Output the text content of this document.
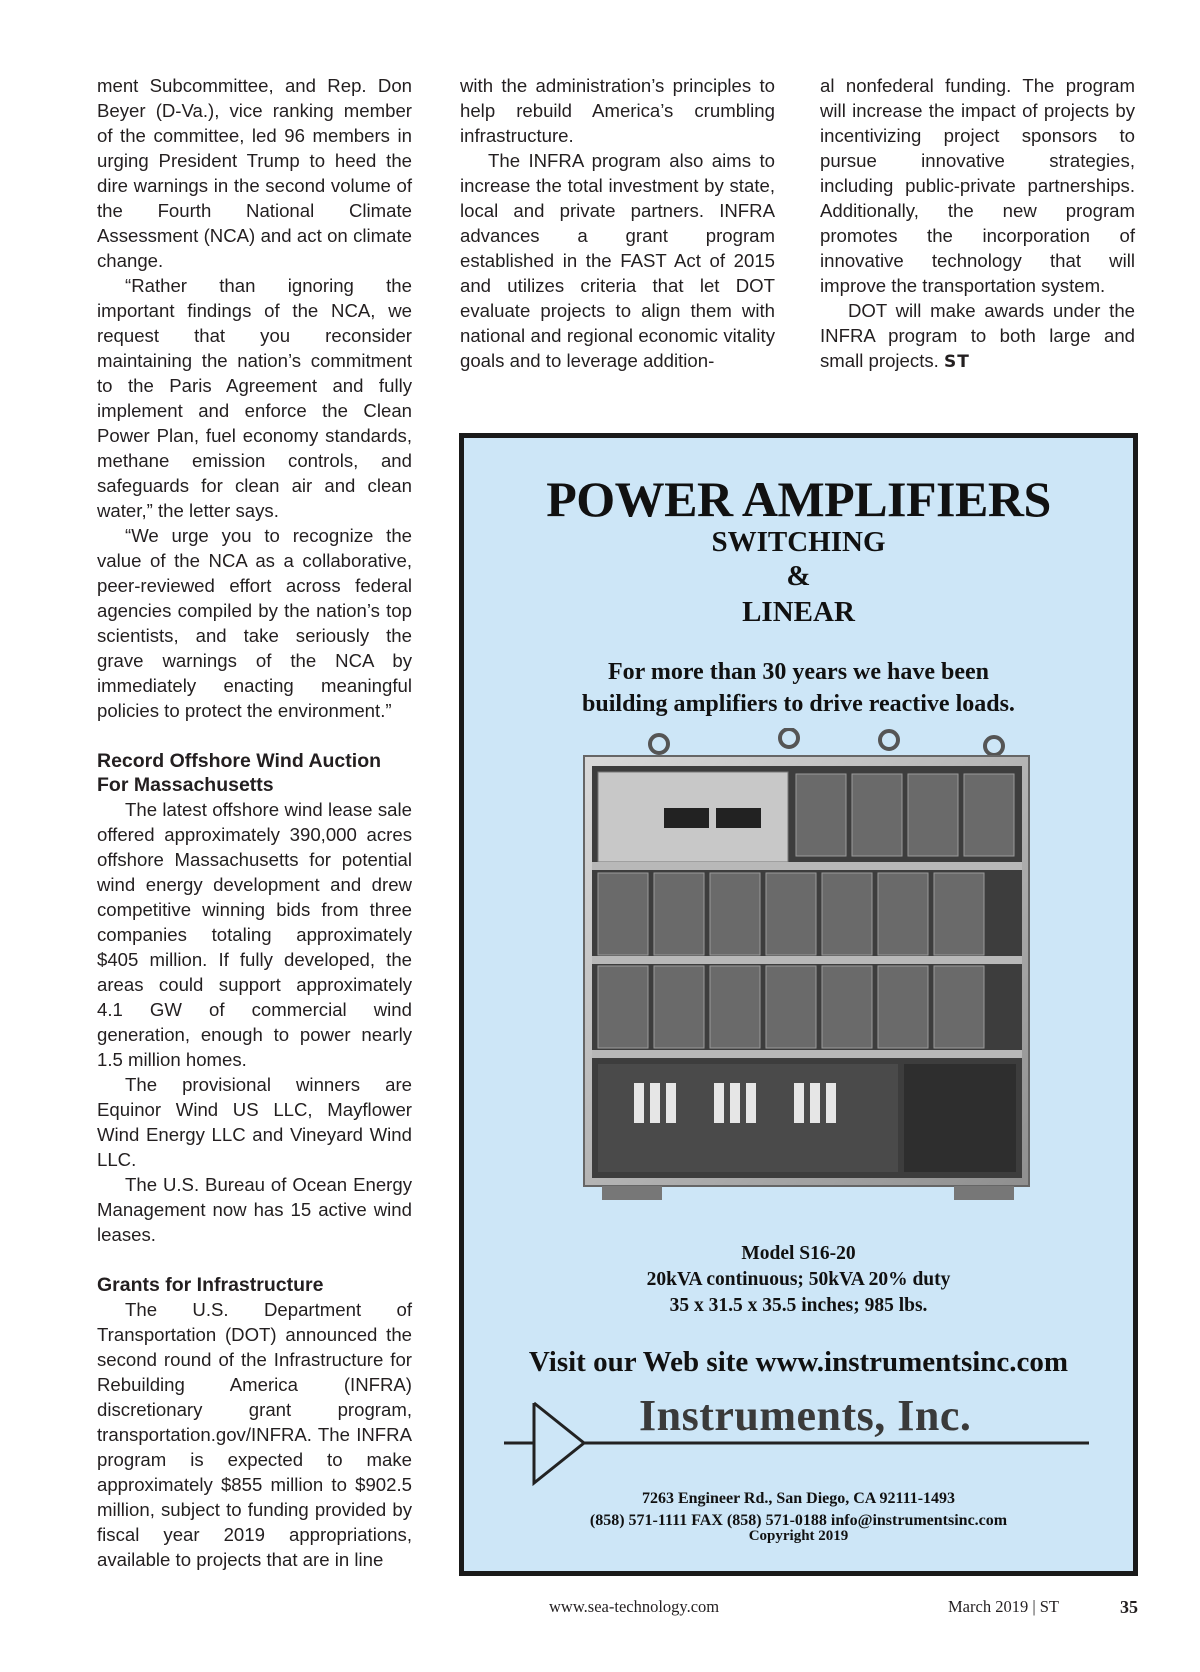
ment Subcommittee, and Rep. Don Beyer (D-Va.), vice ranking member of the committee, led 96 members in urging President Trump to heed the dire warnings in the second volume of the Fourth National Climate Assessment (NCA) and act on climate change.

“Rather than ignoring the important findings of the NCA, we request that you reconsider maintaining the nation’s commitment to the Paris Agreement and fully implement and enforce the Clean Power Plan, fuel economy standards, methane emission controls, and safeguards for clean air and clean water,” the letter says.

“We urge you to recognize the value of the NCA as a collaborative, peer-reviewed effort across federal agencies compiled by the nation’s top scientists, and take seriously the grave warnings of the NCA by immediately enacting meaningful policies to protect the environment.”

Record Offshore Wind Auction For Massachusetts

The latest offshore wind lease sale offered approximately 390,000 acres offshore Massachusetts for potential wind energy development and drew competitive winning bids from three companies totaling approximately $405 million. If fully developed, the areas could support approximately 4.1 GW of commercial wind generation, enough to power nearly 1.5 million homes.

The provisional winners are Equinor Wind US LLC, Mayflower Wind Energy LLC and Vineyard Wind LLC.

The U.S. Bureau of Ocean Energy Management now has 15 active wind leases.

Grants for Infrastructure

The U.S. Department of Transportation (DOT) announced the second round of the Infrastructure for Rebuilding America (INFRA) discretionary grant program, transportation.gov/INFRA. The INFRA program is expected to make approximately $855 million to $902.5 million, subject to funding provided by fiscal year 2019 appropriations, available to projects that are in line

with the administration’s principles to help rebuild America’s crumbling infrastructure.

The INFRA program also aims to increase the total investment by state, local and private partners. INFRA advances a grant program established in the FAST Act of 2015 and utilizes criteria that let DOT evaluate projects to align them with national and regional economic vitality goals and to leverage addition-

al nonfederal funding. The program will increase the impact of projects by incentivizing project sponsors to pursue innovative strategies, including public-private partnerships. Additionally, the new program promotes the incorporation of innovative technology that will improve the transportation system.

DOT will make awards under the INFRA program to both large and small projects. ST

POWER AMPLIFIERS
SWITCHING
&
LINEAR
For more than 30 years we have been
building amplifiers to drive reactive loads.
Model S16-20
20kVA continuous; 50kVA 20% duty
35 x 31.5 x 35.5 inches; 985 lbs.
Visit our Web site www.instrumentsinc.com
Instruments, Inc.
7263 Engineer Rd., San Diego, CA 92111-1493
(858) 571-1111 FAX (858) 571-0188 info@instrumentsinc.com
Copyright 2019
www.sea-technology.com	March 2019 | ST	35
